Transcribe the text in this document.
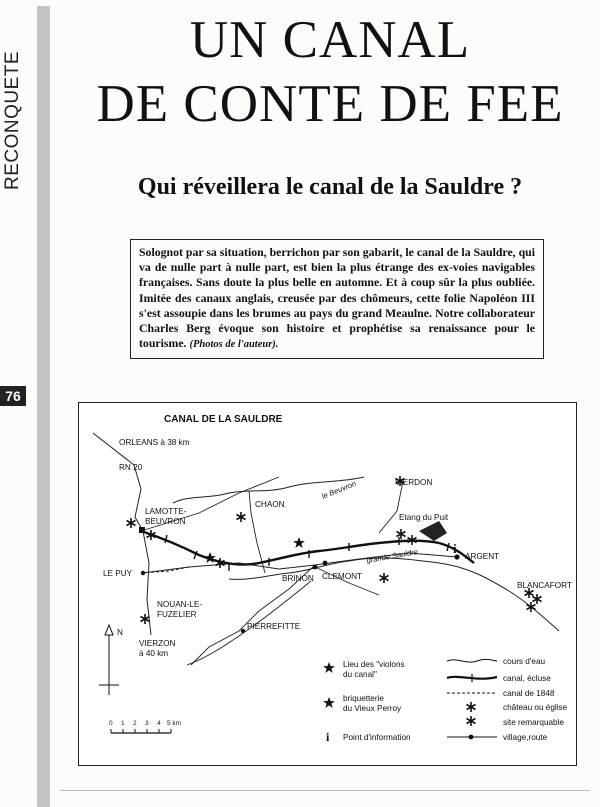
RECONQUETE
76
UN CANAL
DE CONTE DE FEE
Qui réveillera le canal de la Sauldre ?
Solognot par sa situation, berrichon par son gabarit, le canal de la Sauldre, qui va de nulle part à nulle part, est bien la plus étrange des ex-voies navigables françaises. Sans doute la plus belle en automne. Et à coup sûr la plus oubliée. Imitée des canaux anglais, creusée par des chômeurs, cette folie Napoléon III s'est assoupie dans les brumes au pays du grand Meaulne. Notre collaborateur Charles Berg évoque son histoire et prophétise sa renaissance pour le tourisme. (Photos de l'auteur).
CANAL DE LA SAULDRE
i
ORLEANS à 38 km
RN 20
LAMOTTE-
BEUVRON
CHAON
le Beuvron	VIERDON
Etang du Puit
ARGENT
grande Sauldre
LE PUY
BRINON CLEMONT
BLANCAFORT
NOUAN-LE-
FUZELIER
PIERREFITTE
VIERZON
à 40 km
N
0 1 2 3 4 5 km
Lieu des "violons
du canal"
briquetterie
du Vieux Perroy
i Point d'information
cours d'eau
canal, écluse
canal de 1848
château ou église
site remarquable
village,route
